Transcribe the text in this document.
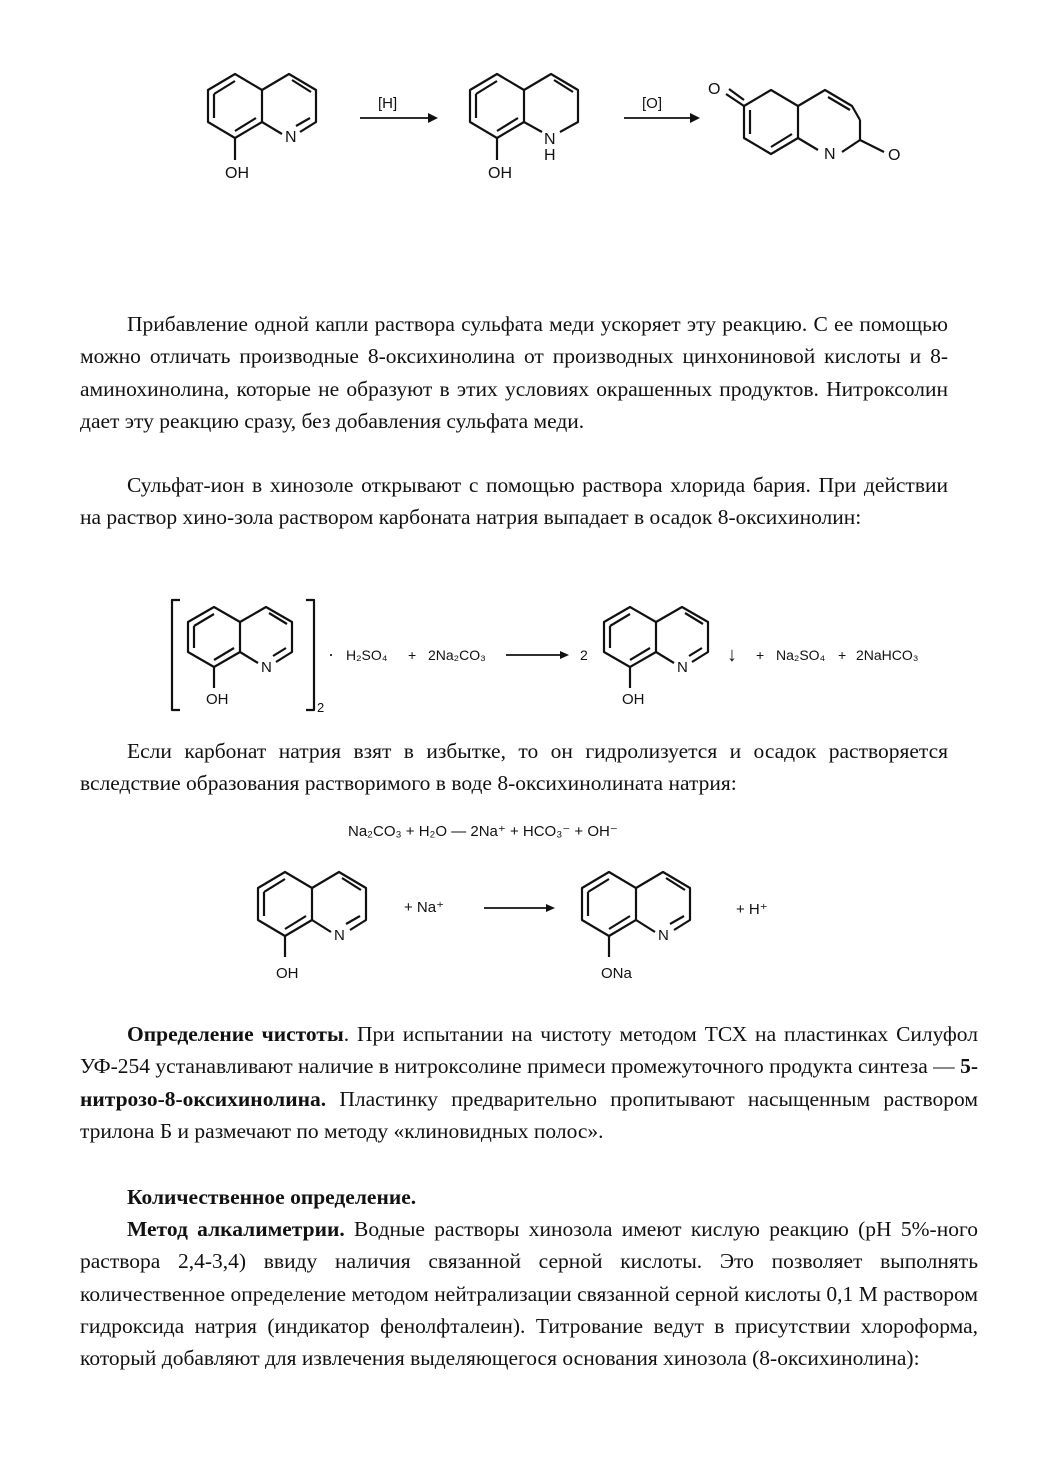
N
OH
[H]
N
H
OH
[O]
O
N	O

Прибавление одной капли раствора сульфата меди ускоряет эту реакцию. С ее помощью можно отличать производные 8-оксихинолина от производных цинхониновой кислоты и 8-аминохинолина, которые не образуют в этих условиях окрашенных продуктов. Нитроксолин дает эту реакцию сразу, без добавления сульфата меди.

Сульфат-ион в хинозоле открывают с помощью раствора хлорида бария. При действии на раствор хино-зола раствором карбоната натрия выпадает в осадок 8-оксихинолин:

2
N
OH
· H₂SO₄ + 2Na₂CO₃	2
N
OH
↓ + Na₂SO₄ + 2NaHCO₃

Если карбонат натрия взят в избытке, то он гидролизуется и осадок растворяется вследствие образования растворимого в воде 8-оксихинолината натрия:

Na₂CO₃ + H₂O — 2Na⁺ + HCO₃⁻ + OH⁻
N
OH
+ Na⁺
N
ONa
+ H⁺

Определение чистоты. При испытании на чистоту методом ТСХ на пластинках Силуфол УФ-254 устанавливают наличие в нитроксолине примеси промежуточного продукта синтеза — 5-нитрозо-8-оксихинолина. Пластинку предварительно пропитывают насыщенным раствором трилона Б и размечают по методу «клиновидных полос».

Количественное определение.

Метод алкалиметрии. Водные растворы хинозола имеют кислую реакцию (pH 5%-ного раствора 2,4-3,4) ввиду наличия связанной серной кислоты. Это позволяет выполнять количественное определение методом нейтрализации связанной серной кислоты 0,1 М раствором гидроксида натрия (индикатор фенолфталеин). Титрование ведут в присутствии хлороформа, который добавляют для извлечения выделяющегося основания хинозола (8-оксихинолина):
